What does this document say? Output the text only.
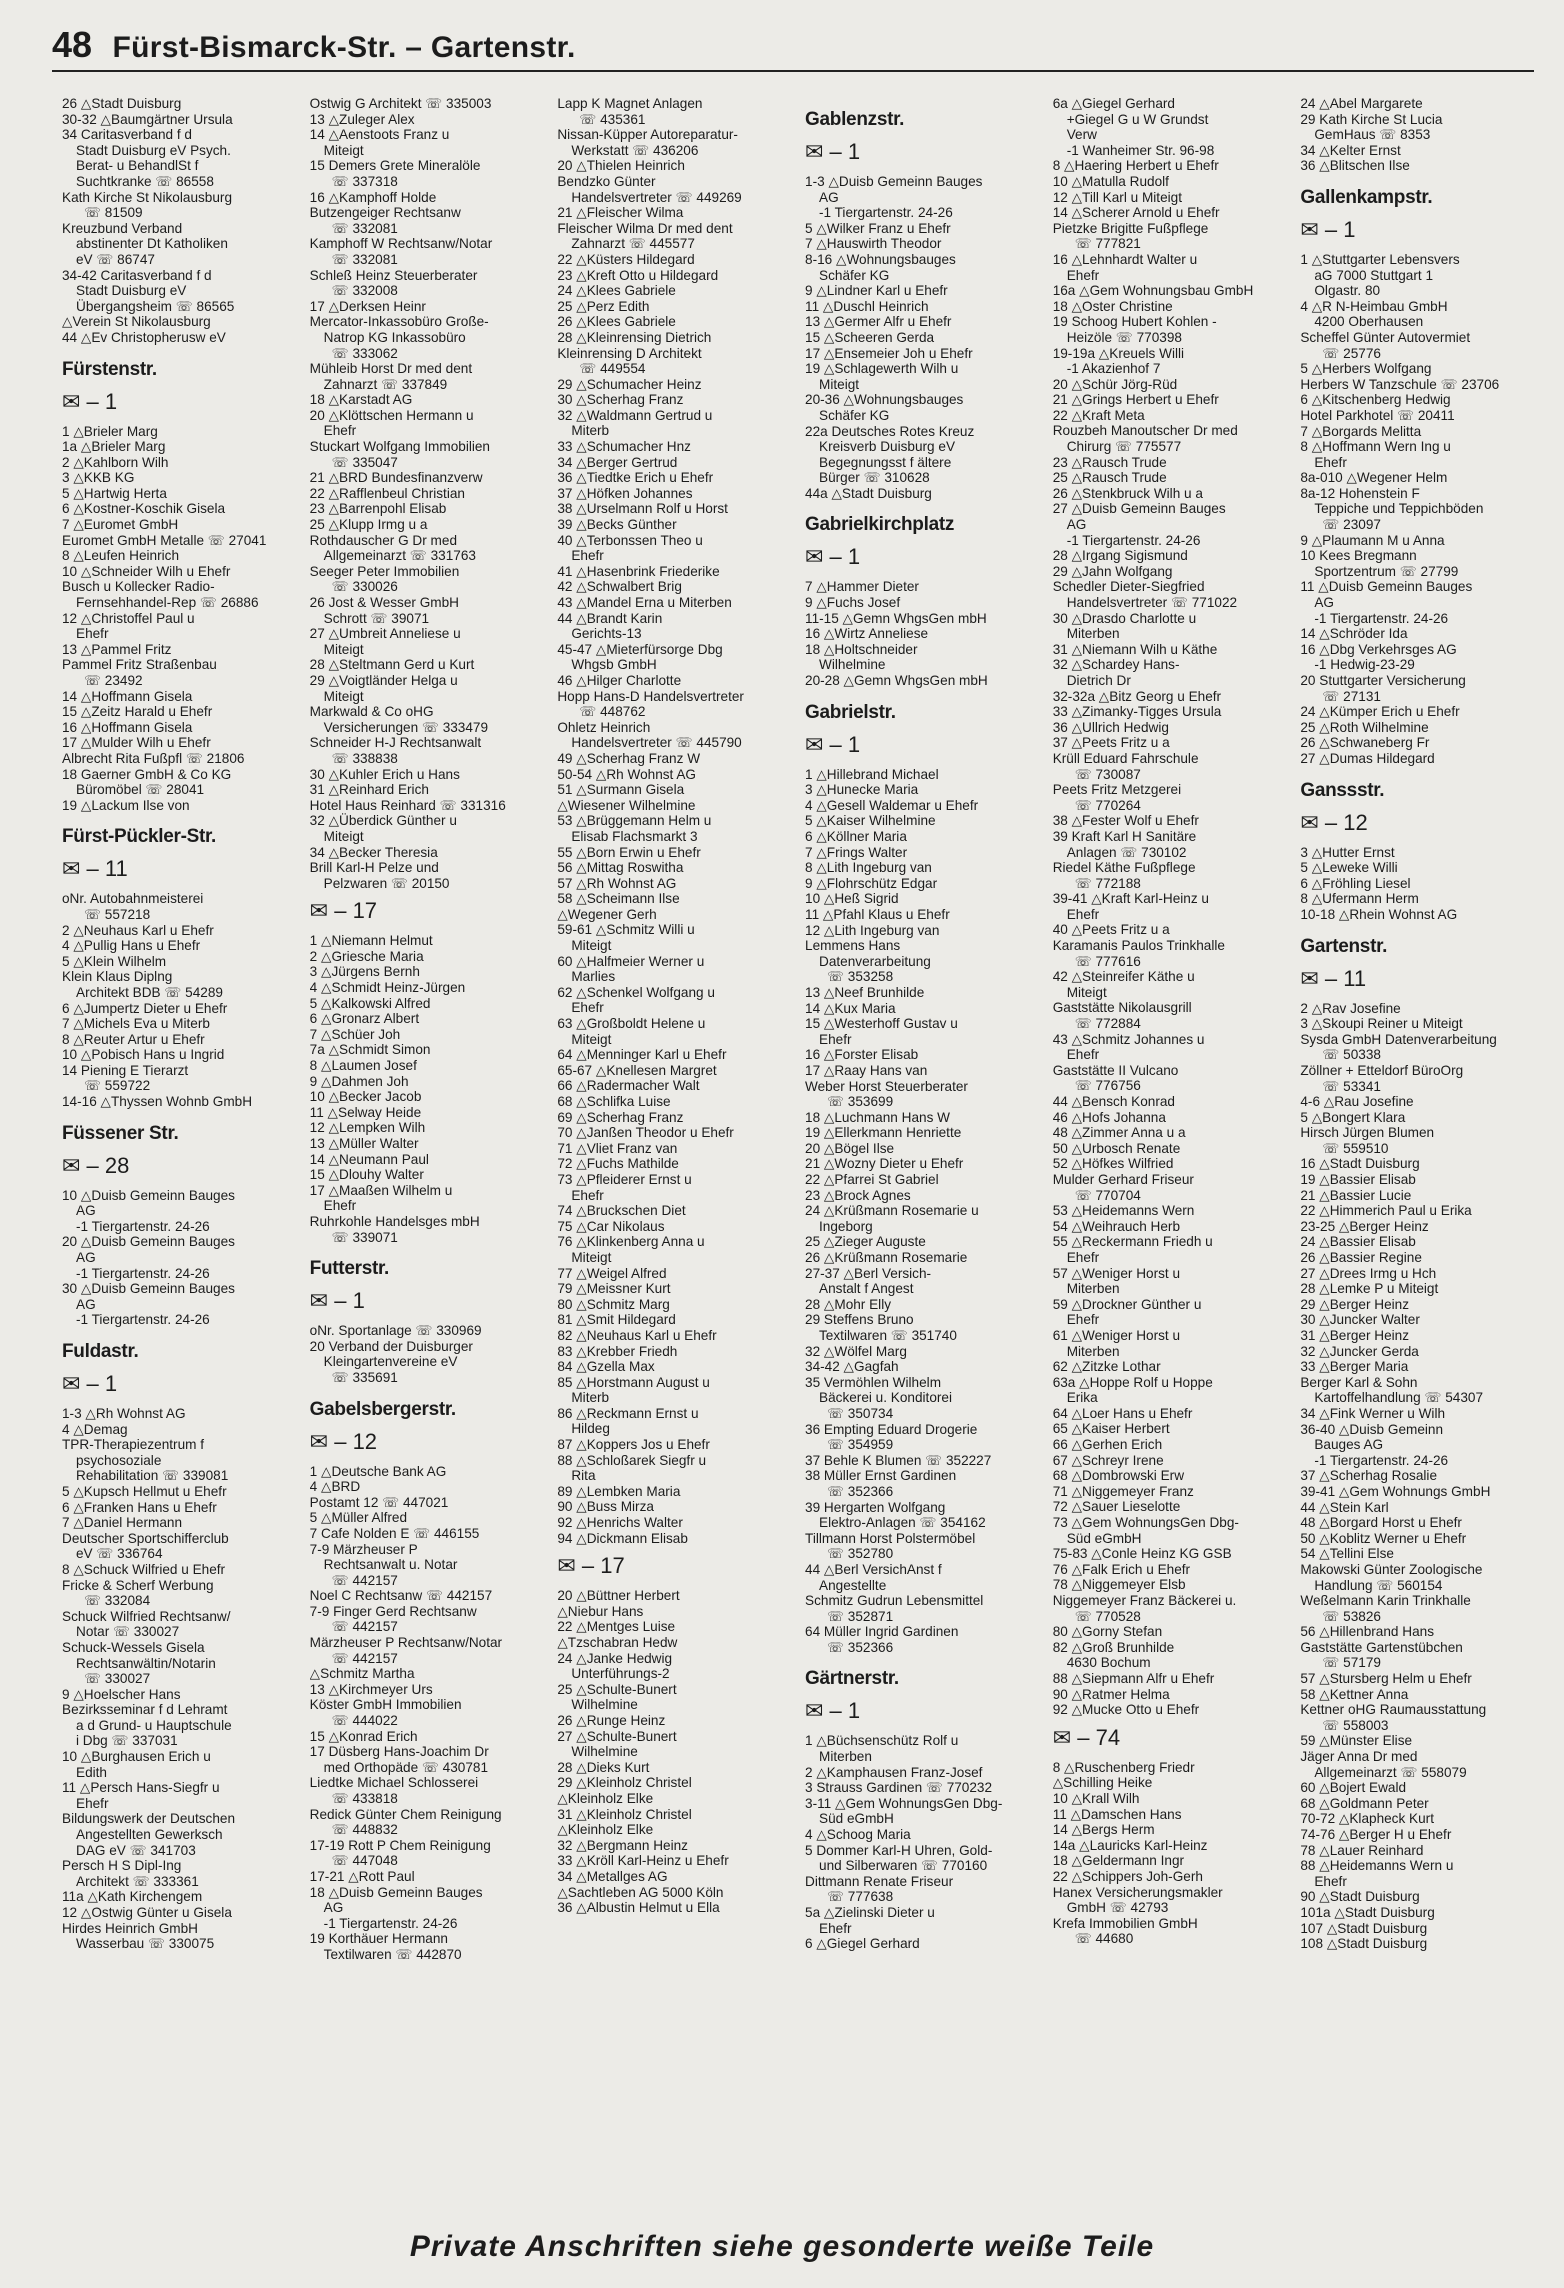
48 Fürst-Bismarck-Str. – Gartenstr.
26 △Stadt Duisburg
30-32 △Baumgärtner Ursula
34 Caritasverband f d
Stadt Duisburg eV Psych.
Berat- u BehandlSt f
Suchtkranke ☏ 86558
Kath Kirche St Nikolausburg
☏ 81509
Kreuzbund Verband
abstinenter Dt Katholiken
eV ☏ 86747
34-42 Caritasverband f d
Stadt Duisburg eV
Übergangsheim ☏ 86565
△Verein St Nikolausburg
44 △Ev Christopherusw eV
Fürstenstr.
✉ – 1
1 △Brieler Marg
1a △Brieler Marg
2 △Kahlborn Wilh
3 △KKB KG
5 △Hartwig Herta
6 △Kostner-Koschik Gisela
7 △Euromet GmbH
Euromet GmbH Metalle ☏ 27041
8 △Leufen Heinrich
10 △Schneider Wilh u Ehefr
Busch u Kollecker Radio-
Fernsehhandel-Rep ☏ 26886
12 △Christoffel Paul u
Ehefr
13 △Pammel Fritz
Pammel Fritz Straßenbau
☏ 23492
14 △Hoffmann Gisela
15 △Zeitz Harald u Ehefr
16 △Hoffmann Gisela
17 △Mulder Wilh u Ehefr
Albrecht Rita Fußpfl ☏ 21806
18 Gaerner GmbH & Co KG
Büromöbel ☏ 28041
19 △Lackum Ilse von
Fürst-Pückler-Str.
✉ – 11
oNr. Autobahnmeisterei
☏ 557218
2 △Neuhaus Karl u Ehefr
4 △Pullig Hans u Ehefr
5 △Klein Wilhelm
Klein Klaus Diplng
Architekt BDB ☏ 54289
6 △Jumpertz Dieter u Ehefr
7 △Michels Eva u Miterb
8 △Reuter Artur u Ehefr
10 △Pobisch Hans u Ingrid
14 Piening E Tierarzt
☏ 559722
14-16 △Thyssen Wohnb GmbH
Füssener Str.
✉ – 28
10 △Duisb Gemeinn Bauges
AG
-1 Tiergartenstr. 24-26
20 △Duisb Gemeinn Bauges
AG
-1 Tiergartenstr. 24-26
30 △Duisb Gemeinn Bauges
AG
-1 Tiergartenstr. 24-26
Fuldastr.
✉ – 1
1-3 △Rh Wohnst AG
4 △Demag
TPR-Therapiezentrum f
psychosoziale
Rehabilitation ☏ 339081
5 △Kupsch Hellmut u Ehefr
6 △Franken Hans u Ehefr
7 △Daniel Hermann
Deutscher Sportschifferclub
eV ☏ 336764
8 △Schuck Wilfried u Ehefr
Fricke & Scherf Werbung
☏ 332084
Schuck Wilfried Rechtsanw/
Notar ☏ 330027
Schuck-Wessels Gisela
Rechtsanwältin/Notarin
☏ 330027
9 △Hoelscher Hans
Bezirksseminar f d Lehramt
a d Grund- u Hauptschule
i Dbg ☏ 337031
10 △Burghausen Erich u
Edith
11 △Persch Hans-Siegfr u
Ehefr
Bildungswerk der Deutschen
Angestellten Gewerksch
DAG eV ☏ 341703
Persch H S Dipl-Ing
Architekt ☏ 333361
11a △Kath Kirchengem
12 △Ostwig Günter u Gisela
Hirdes Heinrich GmbH
Wasserbau ☏ 330075
Ostwig G Architekt ☏ 335003
13 △Zuleger Alex
14 △Aenstoots Franz u
Miteigt
15 Demers Grete Mineralöle
☏ 337318
16 △Kamphoff Holde
Butzengeiger Rechtsanw
☏ 332081
Kamphoff W Rechtsanw/Notar
☏ 332081
Schleß Heinz Steuerberater
☏ 332008
17 △Derksen Heinr
Mercator-Inkassobüro Große-
Natrop KG Inkassobüro
☏ 333062
Mühleib Horst Dr med dent
Zahnarzt ☏ 337849
18 △Karstadt AG
20 △Klöttschen Hermann u
Ehefr
Stuckart Wolfgang Immobilien
☏ 335047
21 △BRD Bundesfinanzverw
22 △Rafflenbeul Christian
23 △Barrenpohl Elisab
25 △Klupp Irmg u a
Rothdauscher G Dr med
Allgemeinarzt ☏ 331763
Seeger Peter Immobilien
☏ 330026
26 Jost & Wesser GmbH
Schrott ☏ 39071
27 △Umbreit Anneliese u
Miteigt
28 △Steltmann Gerd u Kurt
29 △Voigtländer Helga u
Miteigt
Markwald & Co oHG
Versicherungen ☏ 333479
Schneider H-J Rechtsanwalt
☏ 338838
30 △Kuhler Erich u Hans
31 △Reinhard Erich
Hotel Haus Reinhard ☏ 331316
32 △Überdick Günther u
Miteigt
34 △Becker Theresia
Brill Karl-H Pelze und
Pelzwaren ☏ 20150
✉ – 17
1 △Niemann Helmut
2 △Griesche Maria
3 △Jürgens Bernh
4 △Schmidt Heinz-Jürgen
5 △Kalkowski Alfred
6 △Gronarz Albert
7 △Schüer Joh
7a △Schmidt Simon
8 △Laumen Josef
9 △Dahmen Joh
10 △Becker Jacob
11 △Selway Heide
12 △Lempken Wilh
13 △Müller Walter
14 △Neumann Paul
15 △Dlouhy Walter
17 △Maaßen Wilhelm u
Ehefr
Ruhrkohle Handelsges mbH
☏ 339071
Futterstr.
✉ – 1
oNr. Sportanlage ☏ 330969
20 Verband der Duisburger
Kleingartenvereine eV
☏ 335691
Gabelsbergerstr.
✉ – 12
1 △Deutsche Bank AG
4 △BRD
Postamt 12 ☏ 447021
5 △Müller Alfred
7 Cafe Nolden E ☏ 446155
7-9 Märzheuser P
Rechtsanwalt u. Notar
☏ 442157
Noel C Rechtsanw ☏ 442157
7-9 Finger Gerd Rechtsanw
☏ 442157
Märzheuser P Rechtsanw/Notar
☏ 442157
△Schmitz Martha
13 △Kirchmeyer Urs
Köster GmbH Immobilien
☏ 444022
15 △Konrad Erich
17 Düsberg Hans-Joachim Dr
med Orthopäde ☏ 430781
Liedtke Michael Schlosserei
☏ 433818
Redick Günter Chem Reinigung
☏ 448832
17-19 Rott P Chem Reinigung
☏ 447048
17-21 △Rott Paul
18 △Duisb Gemeinn Bauges
AG
-1 Tiergartenstr. 24-26
19 Korthäuer Hermann
Textilwaren ☏ 442870
Lapp K Magnet Anlagen
☏ 435361
Nissan-Küpper Autoreparatur-
Werkstatt ☏ 436206
20 △Thielen Heinrich
Bendzko Günter
Handelsvertreter ☏ 449269
21 △Fleischer Wilma
Fleischer Wilma Dr med dent
Zahnarzt ☏ 445577
22 △Küsters Hildegard
23 △Kreft Otto u Hildegard
24 △Klees Gabriele
25 △Perz Edith
26 △Klees Gabriele
28 △Kleinrensing Dietrich
Kleinrensing D Architekt
☏ 449554
29 △Schumacher Heinz
30 △Scherhag Franz
32 △Waldmann Gertrud u
Miterb
33 △Schumacher Hnz
34 △Berger Gertrud
36 △Tiedtke Erich u Ehefr
37 △Höfken Johannes
38 △Urselmann Rolf u Horst
39 △Becks Günther
40 △Terbonssen Theo u
Ehefr
41 △Hasenbrink Friederike
42 △Schwalbert Brig
43 △Mandel Erna u Miterben
44 △Brandt Karin
Gerichts-13
45-47 △Mieterfürsorge Dbg
Whgsb GmbH
46 △Hilger Charlotte
Hopp Hans-D Handelsvertreter
☏ 448762
Ohletz Heinrich
Handelsvertreter ☏ 445790
49 △Scherhag Franz W
50-54 △Rh Wohnst AG
51 △Surmann Gisela
△Wiesener Wilhelmine
53 △Brüggemann Helm u
Elisab Flachsmarkt 3
55 △Born Erwin u Ehefr
56 △Mittag Roswitha
57 △Rh Wohnst AG
58 △Scheimann Ilse
△Wegener Gerh
59-61 △Schmitz Willi u
Miteigt
60 △Halfmeier Werner u
Marlies
62 △Schenkel Wolfgang u
Ehefr
63 △Großboldt Helene u
Miteigt
64 △Menninger Karl u Ehefr
65-67 △Knellesen Margret
66 △Radermacher Walt
68 △Schlifka Luise
69 △Scherhag Franz
70 △Janßen Theodor u Ehefr
71 △Vliet Franz van
72 △Fuchs Mathilde
73 △Pfleiderer Ernst u
Ehefr
74 △Bruckschen Diet
75 △Car Nikolaus
76 △Klinkenberg Anna u
Miteigt
77 △Weigel Alfred
79 △Meissner Kurt
80 △Schmitz Marg
81 △Smit Hildegard
82 △Neuhaus Karl u Ehefr
83 △Krebber Friedh
84 △Gzella Max
85 △Horstmann August u
Miterb
86 △Reckmann Ernst u
Hildeg
87 △Koppers Jos u Ehefr
88 △Schloßarek Siegfr u
Rita
89 △Lembken Maria
90 △Buss Mirza
92 △Henrichs Walter
94 △Dickmann Elisab
✉ – 17
20 △Büttner Herbert
△Niebur Hans
22 △Mentges Luise
△Tzschabran Hedw
24 △Janke Hedwig
Unterführungs-2
25 △Schulte-Bunert
Wilhelmine
26 △Runge Heinz
27 △Schulte-Bunert
Wilhelmine
28 △Dieks Kurt
29 △Kleinholz Christel
△Kleinholz Elke
31 △Kleinholz Christel
△Kleinholz Elke
32 △Bergmann Heinz
33 △Kröll Karl-Heinz u Ehefr
34 △Metallges AG
△Sachtleben AG 5000 Köln
36 △Albustin Helmut u Ella
Gablenzstr.
✉ – 1
1-3 △Duisb Gemeinn Bauges
AG
-1 Tiergartenstr. 24-26
5 △Wilker Franz u Ehefr
7 △Hauswirth Theodor
8-16 △Wohnungsbauges
Schäfer KG
9 △Lindner Karl u Ehefr
11 △Duschl Heinrich
13 △Germer Alfr u Ehefr
15 △Scheeren Gerda
17 △Ensemeier Joh u Ehefr
19 △Schlagewerth Wilh u
Miteigt
20-36 △Wohnungsbauges
Schäfer KG
22a Deutsches Rotes Kreuz
Kreisverb Duisburg eV
Begegnungsst f ältere
Bürger ☏ 310628
44a △Stadt Duisburg
Gabrielkirchplatz
✉ – 1
7 △Hammer Dieter
9 △Fuchs Josef
11-15 △Gemn WhgsGen mbH
16 △Wirtz Anneliese
18 △Holtschneider
Wilhelmine
20-28 △Gemn WhgsGen mbH
Gabrielstr.
✉ – 1
1 △Hillebrand Michael
3 △Hunecke Maria
4 △Gesell Waldemar u Ehefr
5 △Kaiser Wilhelmine
6 △Köllner Maria
7 △Frings Walter
8 △Lith Ingeburg van
9 △Flohrschütz Edgar
10 △Heß Sigrid
11 △Pfahl Klaus u Ehefr
12 △Lith Ingeburg van
Lemmens Hans
Datenverarbeitung
☏ 353258
13 △Neef Brunhilde
14 △Kux Maria
15 △Westerhoff Gustav u
Ehefr
16 △Forster Elisab
17 △Raay Hans van
Weber Horst Steuerberater
☏ 353699
18 △Luchmann Hans W
19 △Ellerkmann Henriette
20 △Bögel Ilse
21 △Wozny Dieter u Ehefr
22 △Pfarrei St Gabriel
23 △Brock Agnes
24 △Krüßmann Rosemarie u
Ingeborg
25 △Zieger Auguste
26 △Krüßmann Rosemarie
27-37 △Berl Versich-
Anstalt f Angest
28 △Mohr Elly
29 Steffens Bruno
Textilwaren ☏ 351740
32 △Wölfel Marg
34-42 △Gagfah
35 Vermöhlen Wilhelm
Bäckerei u. Konditorei
☏ 350734
36 Empting Eduard Drogerie
☏ 354959
37 Behle K Blumen ☏ 352227
38 Müller Ernst Gardinen
☏ 352366
39 Hergarten Wolfgang
Elektro-Anlagen ☏ 354162
Tillmann Horst Polstermöbel
☏ 352780
44 △Berl VersichAnst f
Angestellte
Schmitz Gudrun Lebensmittel
☏ 352871
64 Müller Ingrid Gardinen
☏ 352366
Gärtnerstr.
✉ – 1
1 △Büchsenschütz Rolf u
Miterben
2 △Kamphausen Franz-Josef
3 Strauss Gardinen ☏ 770232
3-11 △Gem WohnungsGen Dbg-
Süd eGmbH
4 △Schoog Maria
5 Dommer Karl-H Uhren, Gold-
und Silberwaren ☏ 770160
Dittmann Renate Friseur
☏ 777638
5a △Zielinski Dieter u
Ehefr
6 △Giegel Gerhard
6a △Giegel Gerhard
+Giegel G u W Grundst
Verw
-1 Wanheimer Str. 96-98
8 △Haering Herbert u Ehefr
10 △Matulla Rudolf
12 △Till Karl u Miteigt
14 △Scherer Arnold u Ehefr
Pietzke Brigitte Fußpflege
☏ 777821
16 △Lehnhardt Walter u
Ehefr
16a △Gem Wohnungsbau GmbH
18 △Oster Christine
19 Schoog Hubert Kohlen -
Heizöle ☏ 770398
19-19a △Kreuels Willi
-1 Akazienhof 7
20 △Schür Jörg-Rüd
21 △Grings Herbert u Ehefr
22 △Kraft Meta
Rouzbeh Manoutscher Dr med
Chirurg ☏ 775577
23 △Rausch Trude
25 △Rausch Trude
26 △Stenkbruck Wilh u a
27 △Duisb Gemeinn Bauges
AG
-1 Tiergartenstr. 24-26
28 △Irgang Sigismund
29 △Jahn Wolfgang
Schedler Dieter-Siegfried
Handelsvertreter ☏ 771022
30 △Drasdo Charlotte u
Miterben
31 △Niemann Wilh u Käthe
32 △Schardey Hans-
Dietrich Dr
32-32a △Bitz Georg u Ehefr
33 △Zimanky-Tigges Ursula
36 △Ullrich Hedwig
37 △Peets Fritz u a
Krüll Eduard Fahrschule
☏ 730087
Peets Fritz Metzgerei
☏ 770264
38 △Fester Wolf u Ehefr
39 Kraft Karl H Sanitäre
Anlagen ☏ 730102
Riedel Käthe Fußpflege
☏ 772188
39-41 △Kraft Karl-Heinz u
Ehefr
40 △Peets Fritz u a
Karamanis Paulos Trinkhalle
☏ 777616
42 △Steinreifer Käthe u
Miteigt
Gaststätte Nikolausgrill
☏ 772884
43 △Schmitz Johannes u
Ehefr
Gaststätte II Vulcano
☏ 776756
44 △Bensch Konrad
46 △Hofs Johanna
48 △Zimmer Anna u a
50 △Urbosch Renate
52 △Höfkes Wilfried
Mulder Gerhard Friseur
☏ 770704
53 △Heidemanns Wern
54 △Weihrauch Herb
55 △Reckermann Friedh u
Ehefr
57 △Weniger Horst u
Miterben
59 △Drockner Günther u
Ehefr
61 △Weniger Horst u
Miterben
62 △Zitzke Lothar
63a △Hoppe Rolf u Hoppe
Erika
64 △Loer Hans u Ehefr
65 △Kaiser Herbert
66 △Gerhen Erich
67 △Schreyr Irene
68 △Dombrowski Erw
71 △Niggemeyer Franz
72 △Sauer Lieselotte
73 △Gem WohnungsGen Dbg-
Süd eGmbH
75-83 △Conle Heinz KG GSB
76 △Falk Erich u Ehefr
78 △Niggemeyer Elsb
Niggemeyer Franz Bäckerei u.
☏ 770528
80 △Gorny Stefan
82 △Groß Brunhilde
4630 Bochum
88 △Siepmann Alfr u Ehefr
90 △Ratmer Helma
92 △Mucke Otto u Ehefr
✉ – 74
8 △Ruschenberg Friedr
△Schilling Heike
10 △Krall Wilh
11 △Damschen Hans
14 △Bergs Herm
14a △Lauricks Karl-Heinz
18 △Geldermann Ingr
22 △Schippers Joh-Gerh
Hanex Versicherungsmakler
GmbH ☏ 42793
Krefa Immobilien GmbH
☏ 44680
24 △Abel Margarete
29 Kath Kirche St Lucia
GemHaus ☏ 8353
34 △Kelter Ernst
36 △Blitschen Ilse
Gallenkampstr.
✉ – 1
1 △Stuttgarter Lebensvers
aG 7000 Stuttgart 1
Olgastr. 80
4 △R N-Heimbau GmbH
4200 Oberhausen
Scheffel Günter Autovermiet
☏ 25776
5 △Herbers Wolfgang
Herbers W Tanzschule ☏ 23706
6 △Kitschenberg Hedwig
Hotel Parkhotel ☏ 20411
7 △Borgards Melitta
8 △Hoffmann Wern Ing u
Ehefr
8a-010 △Wegener Helm
8a-12 Hohenstein F
Teppiche und Teppichböden
☏ 23097
9 △Plaumann M u Anna
10 Kees Bregmann
Sportzentrum ☏ 27799
11 △Duisb Gemeinn Bauges
AG
-1 Tiergartenstr. 24-26
14 △Schröder Ida
16 △Dbg Verkehrsges AG
-1 Hedwig-23-29
20 Stuttgarter Versicherung
☏ 27131
24 △Kümper Erich u Ehefr
25 △Roth Wilhelmine
26 △Schwaneberg Fr
27 △Dumas Hildegard
Ganssstr.
✉ – 12
3 △Hutter Ernst
5 △Leweke Willi
6 △Fröhling Liesel
8 △Ufermann Herm
10-18 △Rhein Wohnst AG
Gartenstr.
✉ – 11
2 △Rav Josefine
3 △Skoupi Reiner u Miteigt
Sysda GmbH Datenverarbeitung
☏ 50338
Zöllner + Etteldorf BüroOrg
☏ 53341
4-6 △Rau Josefine
5 △Bongert Klara
Hirsch Jürgen Blumen
☏ 559510
16 △Stadt Duisburg
19 △Bassier Elisab
21 △Bassier Lucie
22 △Himmerich Paul u Erika
23-25 △Berger Heinz
24 △Bassier Elisab
26 △Bassier Regine
27 △Drees Irmg u Hch
28 △Lemke P u Miteigt
29 △Berger Heinz
30 △Juncker Walter
31 △Berger Heinz
32 △Juncker Gerda
33 △Berger Maria
Berger Karl & Sohn
Kartoffelhandlung ☏ 54307
34 △Fink Werner u Wilh
36-40 △Duisb Gemeinn
Bauges AG
-1 Tiergartenstr. 24-26
37 △Scherhag Rosalie
39-41 △Gem Wohnungs GmbH
44 △Stein Karl
48 △Borgard Horst u Ehefr
50 △Koblitz Werner u Ehefr
54 △Tellini Else
Makowski Günter Zoologische
Handlung ☏ 560154
Weßelmann Karin Trinkhalle
☏ 53826
56 △Hillenbrand Hans
Gaststätte Gartenstübchen
☏ 57179
57 △Stursberg Helm u Ehefr
58 △Kettner Anna
Kettner oHG Raumausstattung
☏ 558003
59 △Münster Elise
Jäger Anna Dr med
Allgemeinarzt ☏ 558079
60 △Bojert Ewald
68 △Goldmann Peter
70-72 △Klapheck Kurt
74-76 △Berger H u Ehefr
78 △Lauer Reinhard
88 △Heidemanns Wern u
Ehefr
90 △Stadt Duisburg
101a △Stadt Duisburg
107 △Stadt Duisburg
108 △Stadt Duisburg
Private Anschriften siehe gesonderte weiße Teile
